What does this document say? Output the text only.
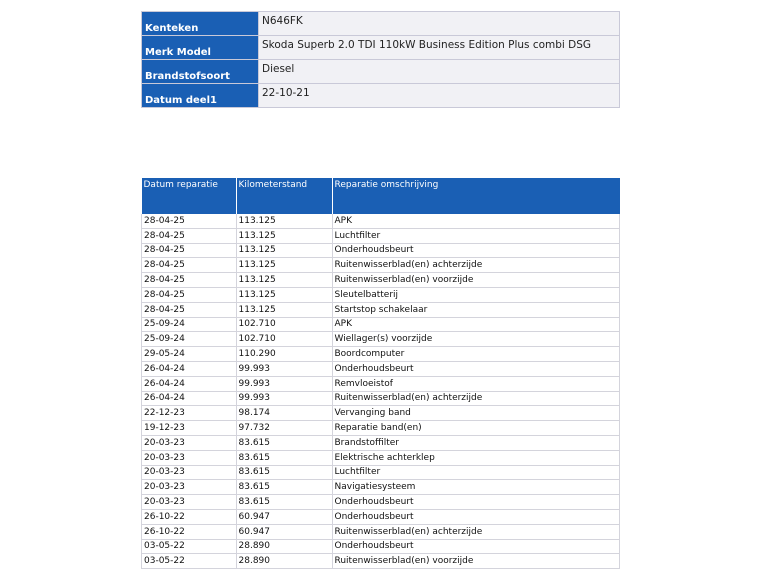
Kenteken	N646FK
Merk Model	Skoda Superb 2.0 TDI 110kW Business Edition Plus combi DSG
Brandstofsoort	Diesel
Datum deel1	22-10-21
Datum reparatie	Kilometerstand	Reparatie omschrijving
28-04-25	113.125	APK
28-04-25	113.125	Luchtfilter
28-04-25	113.125	Onderhoudsbeurt
28-04-25	113.125	Ruitenwisserblad(en) achterzijde
28-04-25	113.125	Ruitenwisserblad(en) voorzijde
28-04-25	113.125	Sleutelbatterij
28-04-25	113.125	Startstop schakelaar
25-09-24	102.710	APK
25-09-24	102.710	Wiellager(s) voorzijde
29-05-24	110.290	Boordcomputer
26-04-24	99.993	Onderhoudsbeurt
26-04-24	99.993	Remvloeistof
26-04-24	99.993	Ruitenwisserblad(en) achterzijde
22-12-23	98.174	Vervanging band
19-12-23	97.732	Reparatie band(en)
20-03-23	83.615	Brandstoffilter
20-03-23	83.615	Elektrische achterklep
20-03-23	83.615	Luchtfilter
20-03-23	83.615	Navigatiesysteem
20-03-23	83.615	Onderhoudsbeurt
26-10-22	60.947	Onderhoudsbeurt
26-10-22	60.947	Ruitenwisserblad(en) achterzijde
03-05-22	28.890	Onderhoudsbeurt
03-05-22	28.890	Ruitenwisserblad(en) voorzijde
